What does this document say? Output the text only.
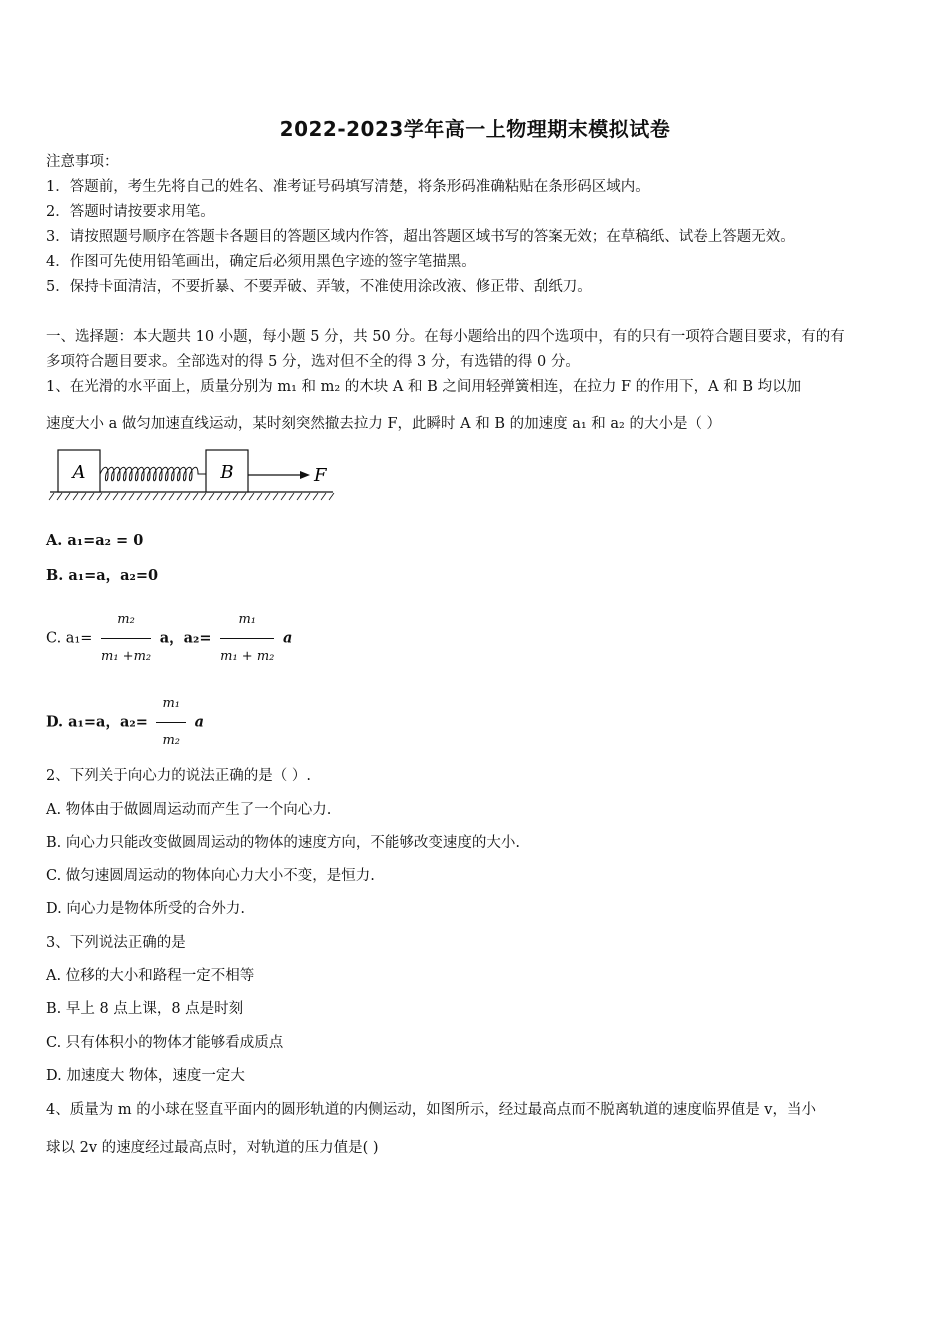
2022-2023学年高一上物理期末模拟试卷
注意事项：
1．答题前，考生先将自己的姓名、准考证号码填写清楚，将条形码准确粘贴在条形码区域内。
2．答题时请按要求用笔。
3．请按照题号顺序在答题卡各题目的答题区域内作答，超出答题区域书写的答案无效；在草稿纸、试卷上答题无效。
4．作图可先使用铅笔画出，确定后必须用黑色字迹的签字笔描黑。
5．保持卡面清洁，不要折暴、不要弄破、弄皱，不准使用涂改液、修正带、刮纸刀。
一、选择题：本大题共 10 小题，每小题 5 分，共 50 分。在每小题给出的四个选项中，有的只有一项符合题目要求，有的有
多项符合题目要求。全部选对的得 5 分，选对但不全的得 3 分，有选错的得 0 分。
1、在光滑的水平面上，质量分别为 m₁ 和 m₂ 的木块 A 和 B 之间用轻弹簧相连，在拉力 F 的作用下，A 和 B 均以加
速度大小 a 做匀加速直线运动，某时刻突然撤去拉力 F，此瞬时 A 和 B 的加速度 a₁ 和 a₂ 的大小是（ ）
A	B	F
A. a₁=a₂ = 0
B. a₁=a，a₂=0
C. $a_1= \frac{\text{m₂}}{\text{m₁ +m₂}}$ a，$a_2= \frac{\text{m₁}}{\text{m₁ + m₂}}$ a
D. a₁=a，$a_2= \frac{\text{m₁}}{\text{m₂}}$ a
2、下列关于向心力的说法正确的是（ ）.
A. 物体由于做圆周运动而产生了一个向心力.
B. 向心力只能改变做圆周运动的物体的速度方向，不能够改变速度的大小.
C. 做匀速圆周运动的物体向心力大小不变，是恒力.
D. 向心力是物体所受的合外力.
3、下列说法正确的是
A. 位移的大小和路程一定不相等
B. 早上 8 点上课，8 点是时刻
C. 只有体积小的物体才能够看成质点
D. 加速度大 物体，速度一定大
4、质量为 m 的小球在竖直平面内的圆形轨道的内侧运动，如图所示，经过最高点而不脱离轨道的速度临界值是 v，当小
球以 2v 的速度经过最高点时，对轨道的压力值是( )
